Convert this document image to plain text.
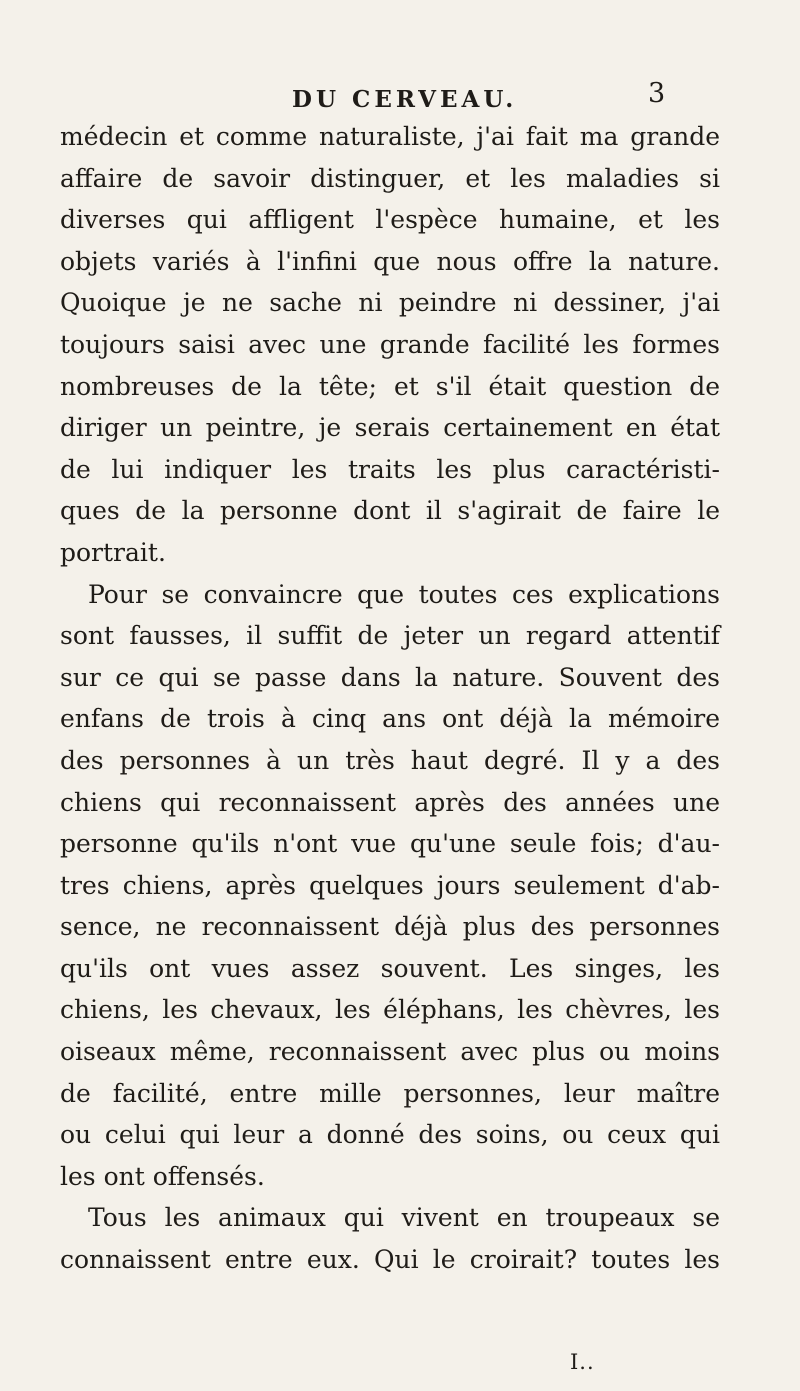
DU CERVEAU.	3
médecin et comme naturaliste, j'ai fait ma grande
affaire de savoir distinguer, et les maladies si
diverses qui affligent l'espèce humaine, et les
objets variés à l'infini que nous offre la nature.
Quoique je ne sache ni peindre ni dessiner, j'ai
toujours saisi avec une grande facilité les formes
nombreuses de la tête; et s'il était question de
diriger un peintre, je serais certainement en état
de lui indiquer les traits les plus caractéristi-
ques de la personne dont il s'agirait de faire le
portrait.
Pour se convaincre que toutes ces explications
sont fausses, il suffit de jeter un regard attentif
sur ce qui se passe dans la nature. Souvent des
enfans de trois à cinq ans ont déjà la mémoire
des personnes à un très haut degré. Il y a des
chiens qui reconnaissent après des années une
personne qu'ils n'ont vue qu'une seule fois; d'au-
tres chiens, après quelques jours seulement d'ab-
sence, ne reconnaissent déjà plus des personnes
qu'ils ont vues assez souvent. Les singes, les
chiens, les chevaux, les éléphans, les chèvres, les
oiseaux même, reconnaissent avec plus ou moins
de facilité, entre mille personnes, leur maître
ou celui qui leur a donné des soins, ou ceux qui
les ont offensés.
Tous les animaux qui vivent en troupeaux se
connaissent entre eux. Qui le croirait? toutes les
I..
